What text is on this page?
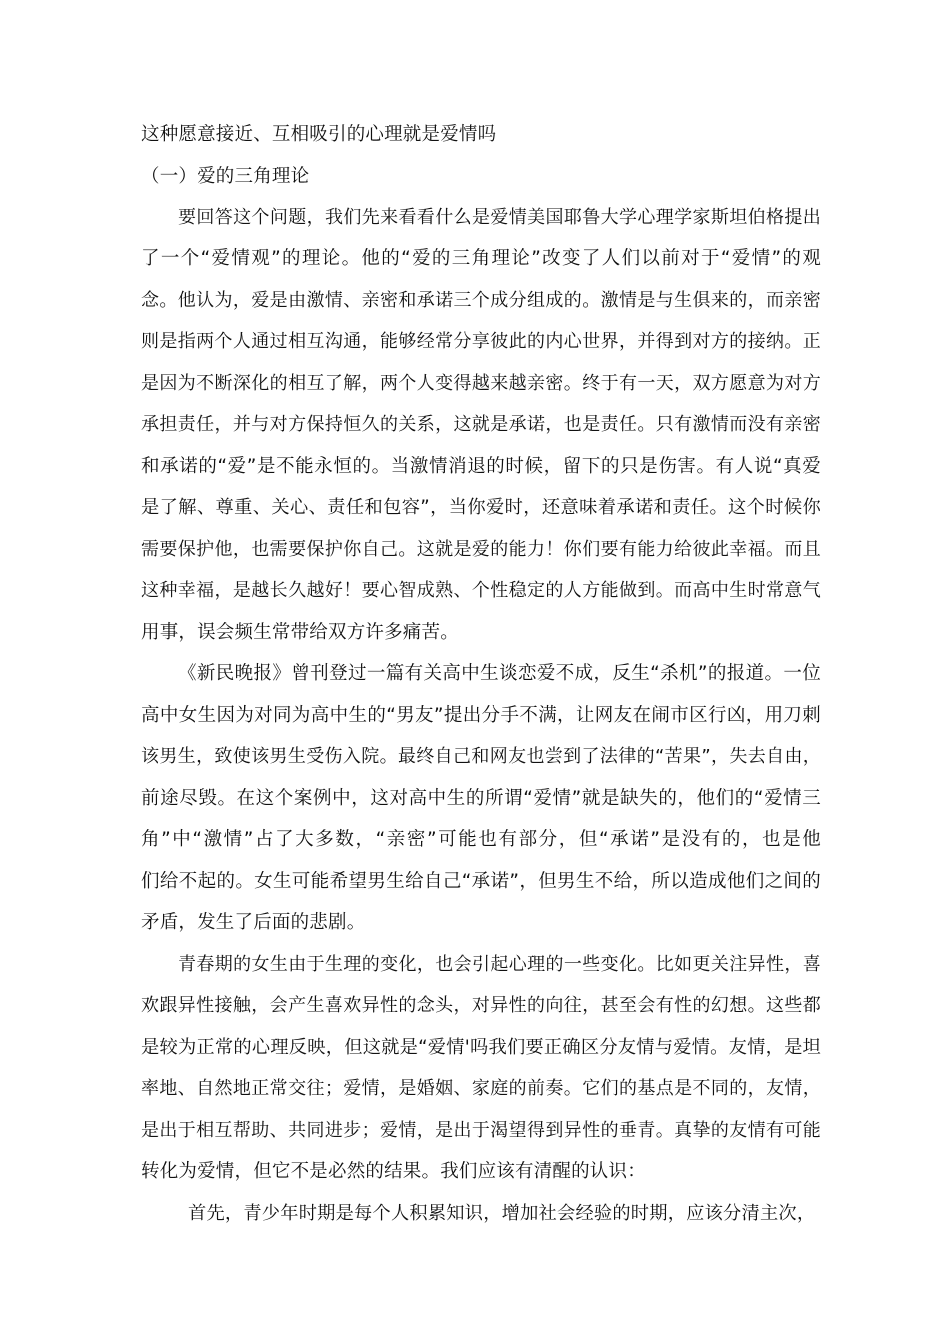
这种愿意接近、互相吸引的心理就是爱情吗
（一）爱的三角理论
要回答这个问题，我们先来看看什么是爱情美国耶鲁大学心理学家斯坦伯格提出
了一个“爱情观”的理论。他的“爱的三角理论”改变了人们以前对于“爱情”的观
念。他认为，爱是由激情、亲密和承诺三个成分组成的。激情是与生俱来的，而亲密
则是指两个人通过相互沟通，能够经常分享彼此的内心世界，并得到对方的接纳。正
是因为不断深化的相互了解，两个人变得越来越亲密。终于有一天，双方愿意为对方
承担责任，并与对方保持恒久的关系，这就是承诺，也是责任。只有激情而没有亲密
和承诺的“爱”是不能永恒的。当激情消退的时候，留下的只是伤害。有人说“真爱
是了解、尊重、关心、责任和包容”，当你爱时，还意味着承诺和责任。这个时候你
需要保护他，也需要保护你自己。这就是爱的能力！你们要有能力给彼此幸福。而且
这种幸福，是越长久越好！要心智成熟、个性稳定的人方能做到。而高中生时常意气
用事，误会频生常带给双方许多痛苦。
《新民晚报》曾刊登过一篇有关高中生谈恋爱不成，反生“杀机”的报道。一位
高中女生因为对同为高中生的“男友”提出分手不满，让网友在闹市区行凶，用刀刺
该男生，致使该男生受伤入院。最终自己和网友也尝到了法律的“苦果”，失去自由，
前途尽毁。在这个案例中，这对高中生的所谓“爱情”就是缺失的，他们的“爱情三
角”中“激情”占了大多数，“亲密”可能也有部分，但“承诺”是没有的，也是他
们给不起的。女生可能希望男生给自己“承诺”，但男生不给，所以造成他们之间的
矛盾，发生了后面的悲剧。
青春期的女生由于生理的变化，也会引起心理的一些变化。比如更关注异性，喜
欢跟异性接触，会产生喜欢异性的念头，对异性的向往，甚至会有性的幻想。这些都
是较为正常的心理反映，但这就是“爱情'吗我们要正确区分友情与爱情。友情，是坦
率地、自然地正常交往；爱情，是婚姻、家庭的前奏。它们的基点是不同的，友情，
是出于相互帮助、共同进步；爱情，是出于渴望得到异性的垂青。真挚的友情有可能
转化为爱情，但它不是必然的结果。我们应该有清醒的认识：
首先，青少年时期是每个人积累知识，增加社会经验的时期，应该分清主次，
